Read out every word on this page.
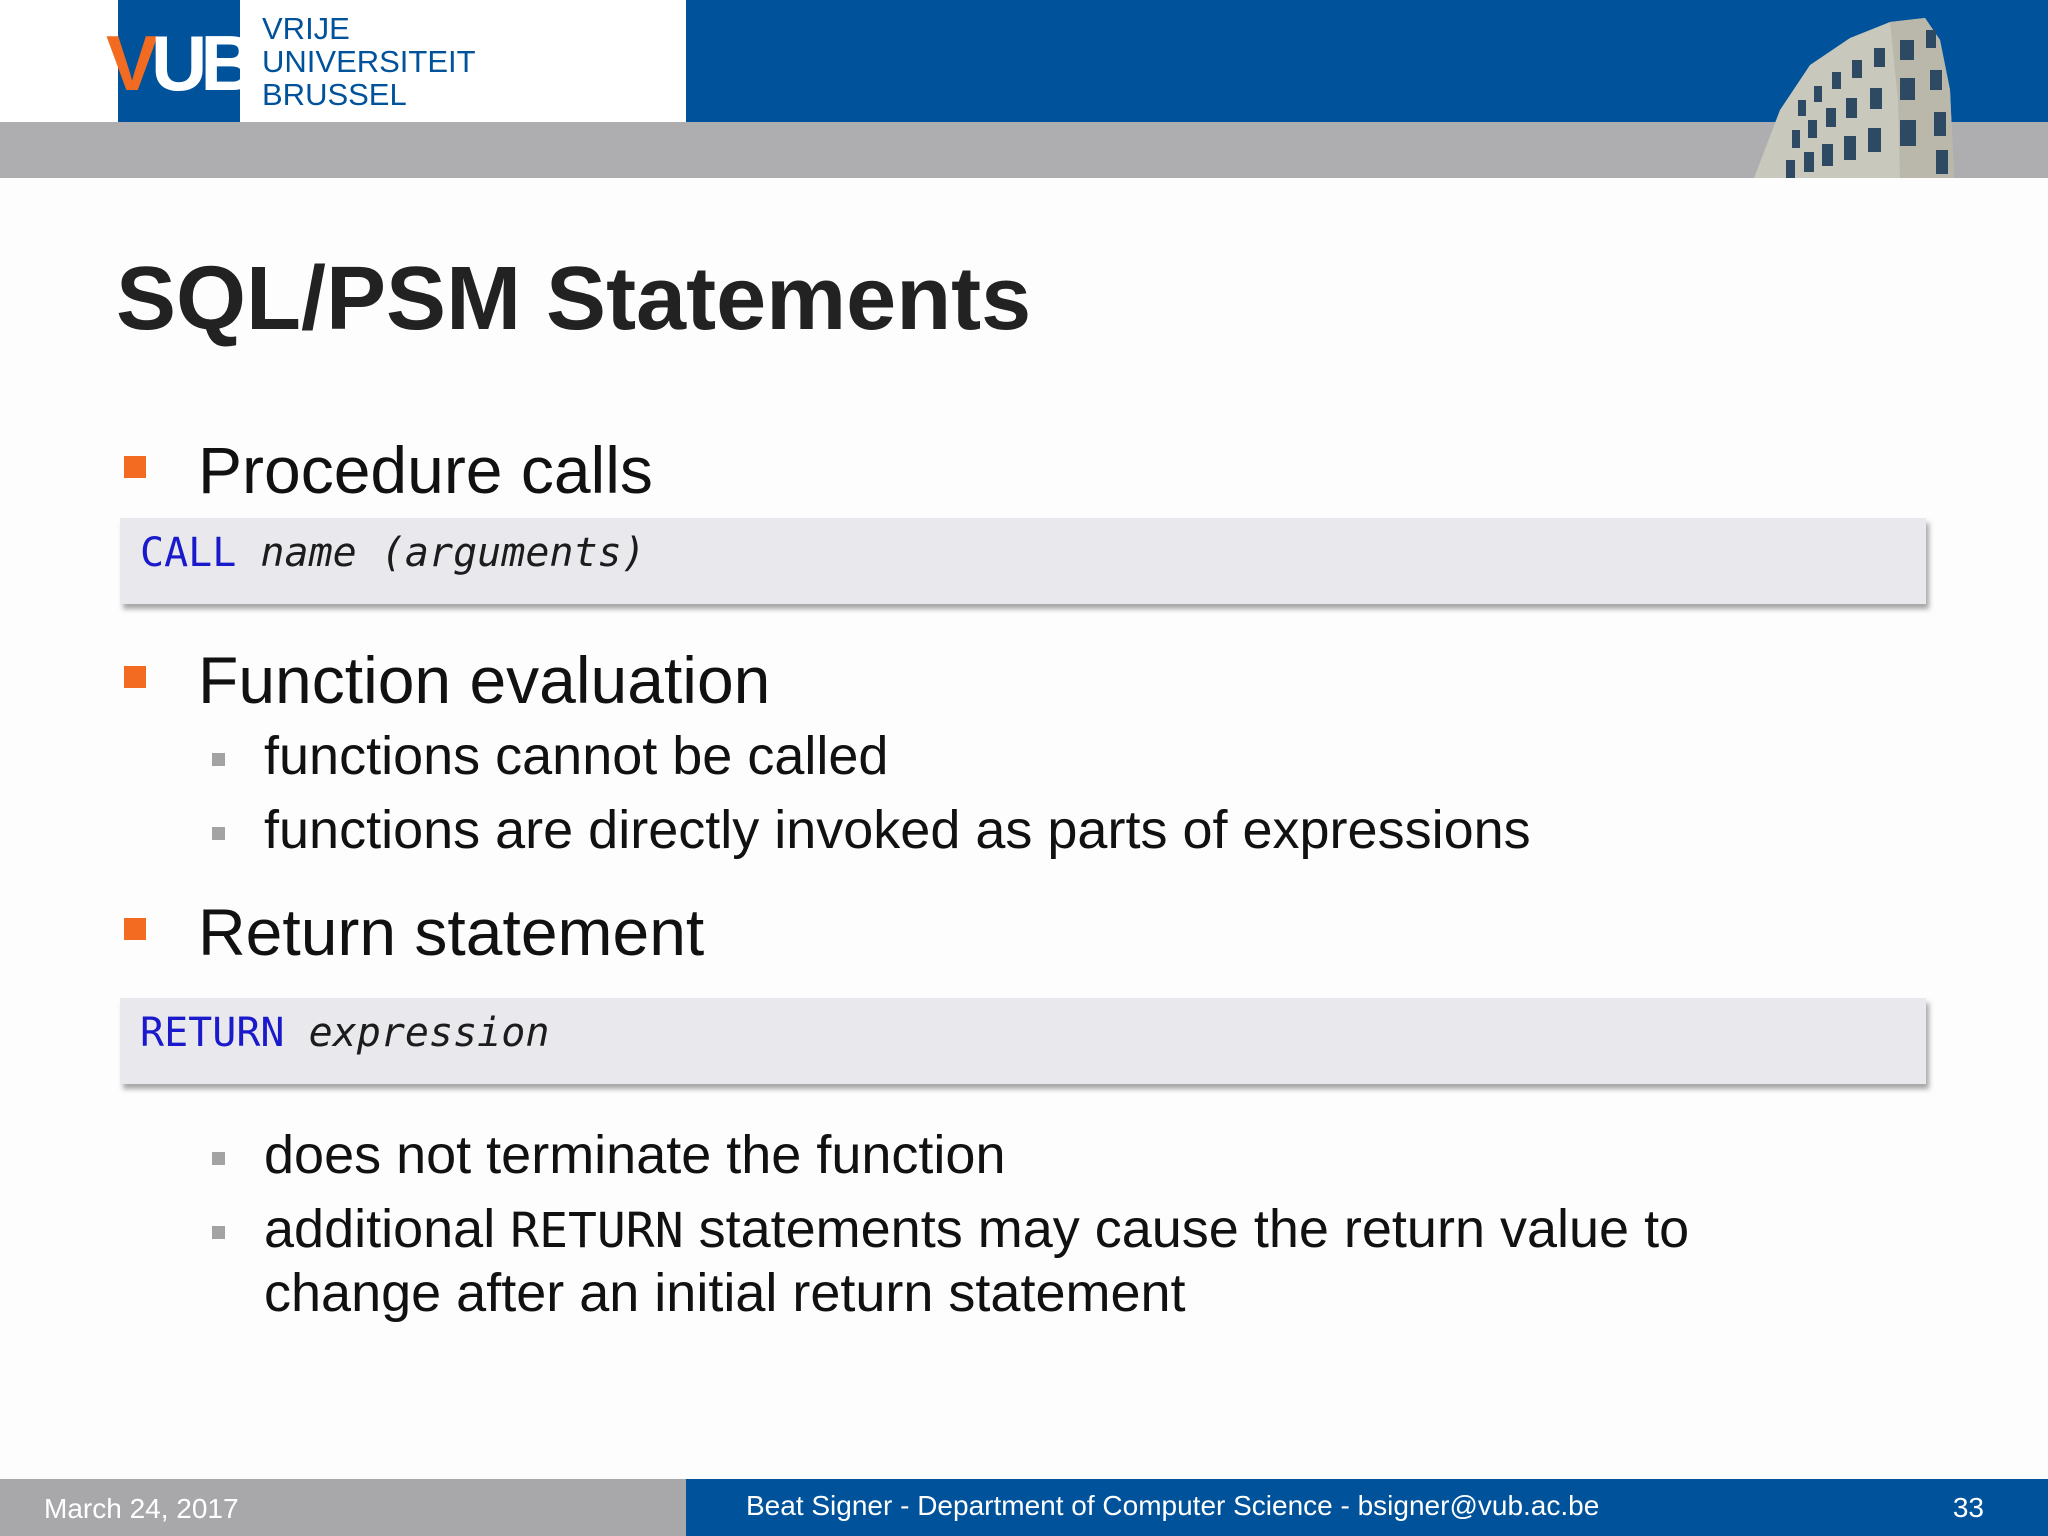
VUB VRIJE
UNIVERSITEIT
BRUSSEL
SQL/PSM Statements
Procedure calls
CALL name (arguments)
Function evaluation
functions cannot be called
functions are directly invoked as parts of expressions
Return statement
RETURN expression
does not terminate the function
additional RETURN statements may cause the return value to
change after an initial return statement
March 24, 2017	Beat Signer - Department of Computer Science - bsigner@vub.ac.be	33
